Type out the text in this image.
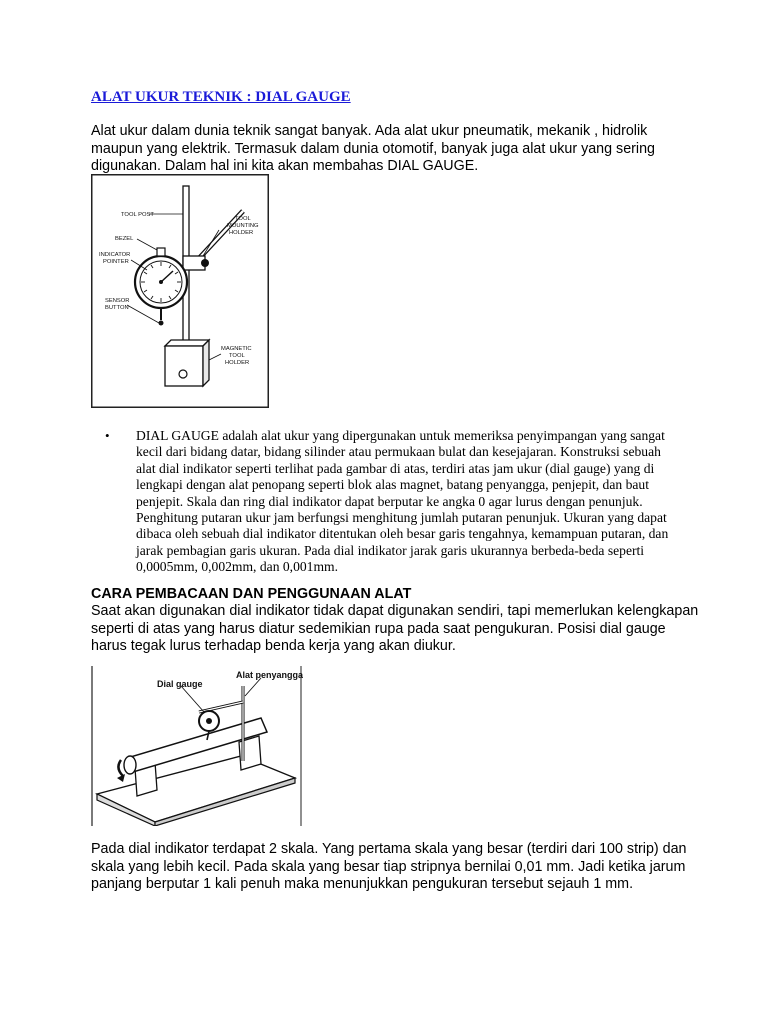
ALAT UKUR TEKNIK : DIAL GAUGE
Alat ukur dalam dunia teknik sangat banyak. Ada alat ukur pneumatik, mekanik , hidrolik
maupun yang elektrik. Termasuk dalam dunia otomotif, banyak juga alat ukur yang sering
digunakan. Dalam hal ini kita akan membahas DIAL GAUGE.
TOOL POST
BEZEL
INDICATOR
POINTER
SENSOR
BUTTON
TOOL
MOUNTING
HOLDER
MAGNETIC
TOOL
HOLDER
•	DIAL GAUGE adalah alat ukur yang dipergunakan untuk memeriksa penyimpangan yang sangat
kecil dari bidang datar, bidang silinder atau permukaan bulat dan kesejajaran. Konstruksi sebuah
alat dial indikator seperti terlihat pada gambar di atas, terdiri atas jam ukur (dial gauge) yang di
lengkapi dengan alat penopang seperti blok alas magnet, batang penyangga, penjepit, dan baut
penjepit. Skala dan ring dial indikator dapat berputar ke angka 0 agar lurus dengan penunjuk.
Penghitung putaran ukur jam berfungsi menghitung jumlah putaran penunjuk. Ukuran yang dapat
dibaca oleh sebuah dial indikator ditentukan oleh besar garis tengahnya, kemampuan putaran, dan
jarak pembagian garis ukuran. Pada dial indikator jarak garis ukurannya berbeda-beda seperti
0,0005mm, 0,002mm, dan 0,001mm.
CARA PEMBACAAN DAN PENGGUNAAN ALAT
Saat akan digunakan dial indikator tidak dapat digunakan sendiri, tapi memerlukan kelengkapan
seperti di atas yang harus diatur sedemikian rupa pada saat pengukuran. Posisi dial gauge
harus tegak lurus terhadap benda kerja yang akan diukur.
Dial gauge
Alat penyangga
Pada dial indikator terdapat 2 skala. Yang pertama skala yang besar (terdiri dari 100 strip) dan
skala yang lebih kecil. Pada skala yang besar tiap stripnya bernilai 0,01 mm. Jadi ketika jarum
panjang berputar 1 kali penuh maka menunjukkan pengukuran tersebut sejauh 1 mm.
